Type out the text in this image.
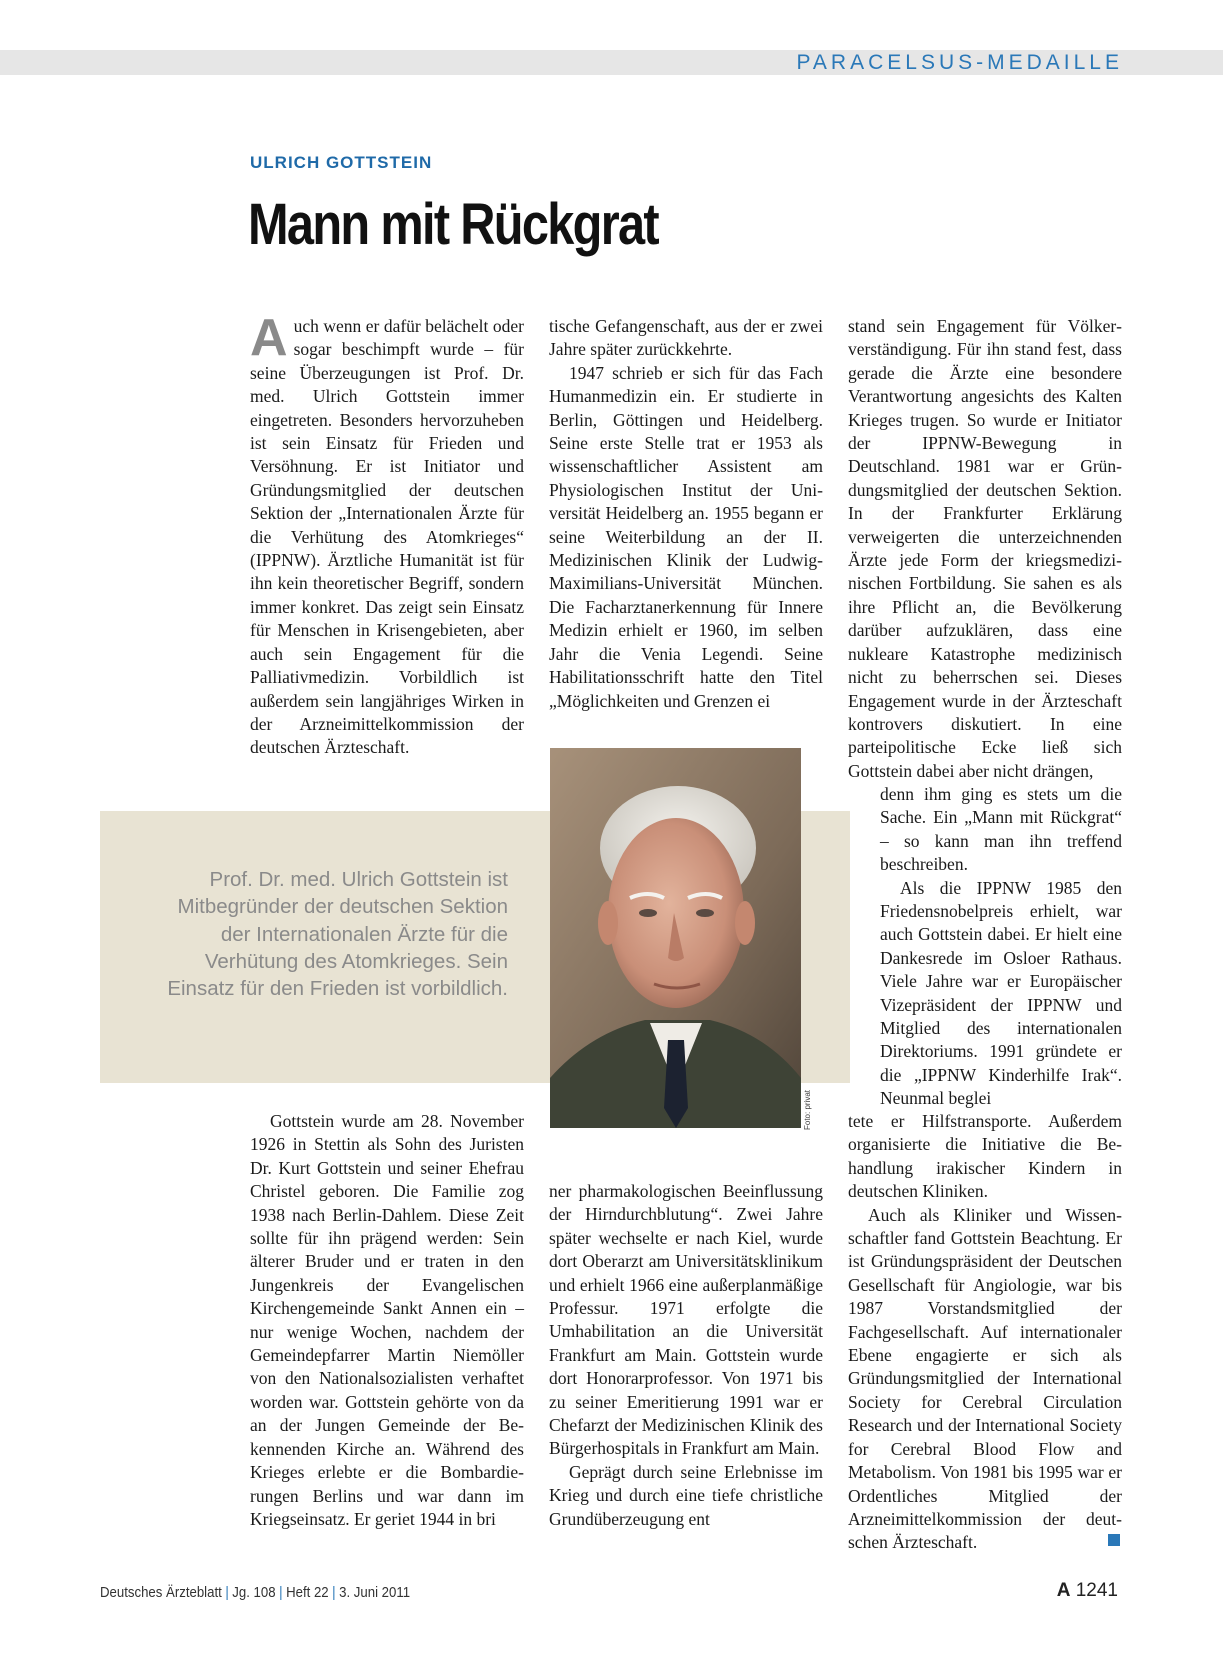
PARACELSUS-MEDAILLE
ULRICH GOTTSTEIN
Mann mit Rückgrat

Auch wenn er dafür belächelt oder sogar beschimpft wurde – für seine Überzeugungen ist Prof. Dr. med. Ulrich Gottstein immer eingetreten. Besonders hervorzuheben ist sein Einsatz für Frieden und Versöhnung. Er ist Initiator und Gründungsmitglied der deutschen Sektion der „Internationalen Ärzte für die Verhütung des Atomkrieges“ (IPPNW). Ärztliche Humanität ist für ihn kein theoretischer Begriff, sondern immer konkret. Das zeigt sein Einsatz für Menschen in Krisengebieten, aber auch sein Engagement für die Palliativmedizin. Vorbildlich ist außerdem sein langjähriges Wirken in der Arzneimittelkommission der deutschen Ärzteschaft.

Prof. Dr. med. Ulrich Gottstein ist Mitbegründer der deutschen Sektion der Internationalen Ärzte für die Verhütung des Atomkrieges. Sein Einsatz für den Frieden ist vorbildlich.

Gottstein wurde am 28. November 1926 in Stettin als Sohn des Juristen Dr. Kurt Gottstein und seiner Ehefrau Christel geboren. Die Familie zog 1938 nach Berlin-Dahlem. Diese Zeit sollte für ihn prägend werden: Sein älterer Bruder und er traten in den Jungenkreis der Evangelischen Kirchengemeinde Sankt Annen ein – nur wenige Wochen, nachdem der Gemeindepfarrer Martin Niemöller von den Nationalsozialisten verhaftet worden war. Gottstein gehörte von da an der Jungen Gemeinde der Bekennenden Kirche an. Während des Krieges erlebte er die Bombardierungen Berlins und war dann im Kriegseinsatz. Er geriet 1944 in bri

tische Gefangenschaft, aus der er zwei Jahre später zurückkehrte.

1947 schrieb er sich für das Fach Humanmedizin ein. Er studierte in Berlin, Göttingen und Heidelberg. Seine erste Stelle trat er 1953 als wissenschaftlicher Assistent am Physiologischen Institut der Universität Heidelberg an. 1955 begann er seine Weiterbildung an der II. Medizinischen Klinik der Ludwig-Maximilians-Universität München. Die Facharztanerkennung für Innere Medizin erhielt er 1960, im selben Jahr die Venia Legendi. Seine Habilitationsschrift hatte den Titel „Möglichkeiten und Grenzen ei

Foto: privat

ner pharmakologischen Beeinflussung der Hirndurchblutung“. Zwei Jahre später wechselte er nach Kiel, wurde dort Oberarzt am Universitätsklinikum und erhielt 1966 eine außerplanmäßige Professur. 1971 erfolgte die Umhabilitation an die Universität Frankfurt am Main. Gottstein wurde dort Honorarprofessor. Von 1971 bis zu seiner Emeritierung 1991 war er Chefarzt der Medizinischen Klinik des Bürgerhospitals in Frankfurt am Main.

Geprägt durch seine Erlebnisse im Krieg und durch eine tiefe christliche Grundüberzeugung ent

stand sein Engagement für Völkerverständigung. Für ihn stand fest, dass gerade die Ärzte eine besondere Verantwortung angesichts des Kalten Krieges trugen. So wurde er Initiator der IPPNW-Bewegung in Deutschland. 1981 war er Gründungsmitglied der deutschen Sektion. In der Frankfurter Erklärung verweigerten die unterzeichnenden Ärzte jede Form der kriegsmedizinischen Fortbildung. Sie sahen es als ihre Pflicht an, die Bevölkerung darüber aufzuklären, dass eine nukleare Katastrophe medizinisch nicht zu beherrschen sei. Dieses Engagement wurde in der Ärzteschaft kontrovers diskutiert. In eine parteipolitische Ecke ließ sich Gottstein dabei aber nicht drängen,

denn ihm ging es stets um die Sache. Ein „Mann mit Rückgrat“ – so kann man ihn treffend beschreiben.

Als die IPPNW 1985 den Friedensnobelpreis erhielt, war auch Gottstein dabei. Er hielt eine Dankesrede im Osloer Rathaus. Viele Jahre war er Europäischer Vizepräsident der IPPNW und Mitglied des internationalen Direktoriums. 1991 gründete er die „IPPNW Kinderhilfe Irak“. Neunmal beglei

tete er Hilfstransporte. Außerdem organisierte die Initiative die Behandlung irakischer Kindern in deutschen Kliniken.

Auch als Kliniker und Wissenschaftler fand Gottstein Beachtung. Er ist Gründungspräsident der Deutschen Gesellschaft für Angiologie, war bis 1987 Vorstandsmitglied der Fachgesellschaft. Auf internationaler Ebene engagierte er sich als Gründungsmitglied der International Society for Cerebral Circulation Research und der International Society for Cerebral Blood Flow and Metabolism. Von 1981 bis 1995 war er Ordentliches Mitglied der Arzneimittelkommission der deutschen Ärzteschaft.

Deutsches Ärzteblatt | Jg. 108 | Heft 22 | 3. Juni 2011	A 1241
